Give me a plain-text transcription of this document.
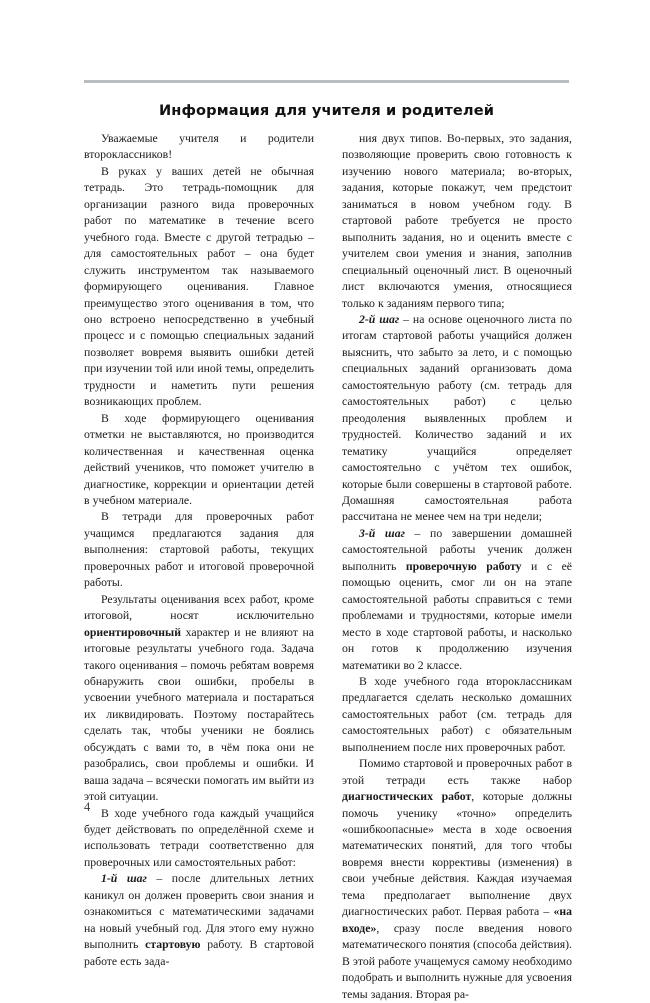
Информация для учителя и родителей

Уважаемые учителя и родители второклассников!

В руках у ваших детей не обычная тетрадь. Это тетрадь-помощник для организации разного вида проверочных работ по математике в течение всего учебного года. Вместе с другой тетрадью – для самостоятельных работ – она будет служить инструментом так называемого формирующего оценивания. Главное преимущество этого оценивания в том, что оно встроено непосредственно в учебный процесс и с помощью специальных заданий позволяет вовремя выявить ошибки детей при изучении той или иной темы, определить трудности и наметить пути решения возникающих проблем.

В ходе формирующего оценивания отметки не выставляются, но производится количественная и качественная оценка действий учеников, что поможет учителю в диагностике, коррекции и ориентации детей в учебном материале.

В тетради для проверочных работ учащимся предлагаются задания для выполнения: стартовой работы, текущих проверочных работ и итоговой проверочной работы.

Результаты оценивания всех работ, кроме итоговой, носят исключительно ориентировочный характер и не влияют на итоговые результаты учебного года. Задача такого оценивания – помочь ребятам вовремя обнаружить свои ошибки, пробелы в усвоении учебного материала и постараться их ликвидировать. Поэтому постарайтесь сделать так, чтобы ученики не боялись обсуждать с вами то, в чём пока они не разобрались, свои проблемы и ошибки. И ваша задача – всячески помогать им выйти из этой ситуации.

В ходе учебного года каждый учащийся будет действовать по определённой схеме и использовать тетради соответственно для проверочных или самостоятельных работ:

1-й шаг – после длительных летних каникул он должен проверить свои знания и ознакомиться с математическими задачами на новый учебный год. Для этого ему нужно выполнить стартовую работу. В стартовой работе есть зада-

ния двух типов. Во-первых, это задания, позволяющие проверить свою готовность к изучению нового материала; во-вторых, задания, которые покажут, чем предстоит заниматься в новом учебном году. В стартовой работе требуется не просто выполнить задания, но и оценить вместе с учителем свои умения и знания, заполнив специальный оценочный лист. В оценочный лист включаются умения, относящиеся только к заданиям первого типа;

2-й шаг – на основе оценочного листа по итогам стартовой работы учащийся должен выяснить, что забыто за лето, и с помощью специальных заданий организовать дома самостоятельную работу (см. тетрадь для самостоятельных работ) с целью преодоления выявленных проблем и трудностей. Количество заданий и их тематику учащийся определяет самостоятельно с учётом тех ошибок, которые были совершены в стартовой работе. Домашняя самостоятельная работа рассчитана не менее чем на три недели;

3-й шаг – по завершении домашней самостоятельной работы ученик должен выполнить проверочную работу и с её помощью оценить, смог ли он на этапе самостоятельной работы справиться с теми проблемами и трудностями, которые имели место в ходе стартовой работы, и насколько он готов к продолжению изучения математики во 2 классе.

В ходе учебного года второклассникам предлагается сделать несколько домашних самостоятельных работ (см. тетрадь для самостоятельных работ) с обязательным выполнением после них проверочных работ.

Помимо стартовой и проверочных работ в этой тетради есть также набор диагностических работ, которые должны помочь ученику «точно» определить «ошибкоопасные» места в ходе освоения математических понятий, для того чтобы вовремя внести коррективы (изменения) в свои учебные действия. Каждая изучаемая тема предполагает выполнение двух диагностических работ. Первая работа – «на входе», сразу после введения нового математического понятия (способа действия). В этой работе учащемуся самому необходимо подобрать и выполнить нужные для усвоения темы задания. Вторая ра-

4
